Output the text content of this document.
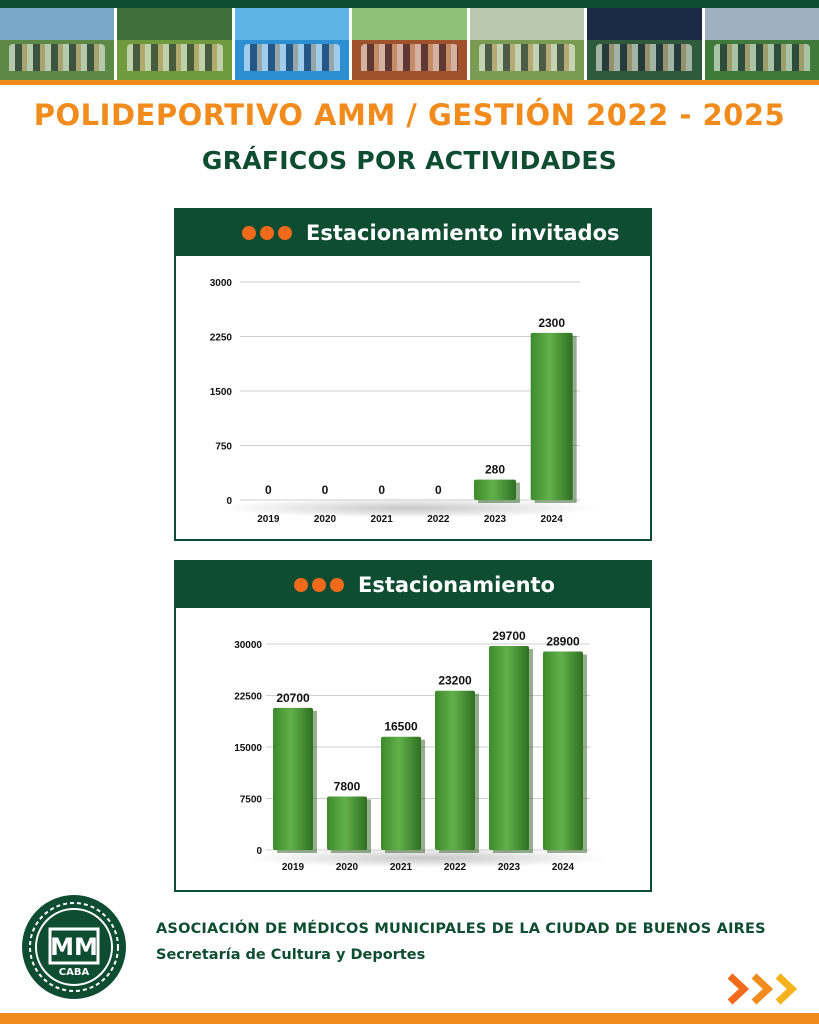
POLIDEPORTIVO AMM / GESTIÓN 2022 - 2025
GRÁFICOS POR ACTIVIDADES
Estacionamiento invitados
0
750
1500
2250
3000
0
2019
0
2020
0
2021
0
2022
280
2023
2300
2024
Estacionamiento
0
7500
15000
22500
30000
20700
2019
7800
2020
16500
2021
23200
2022
29700
2023
28900
2024
MM
CABA
ASOCIACIÓN DE MÉDICOS MUNICIPALES DE LA CIUDAD DE BUENOS AIRES
Secretaría de Cultura y Deportes
